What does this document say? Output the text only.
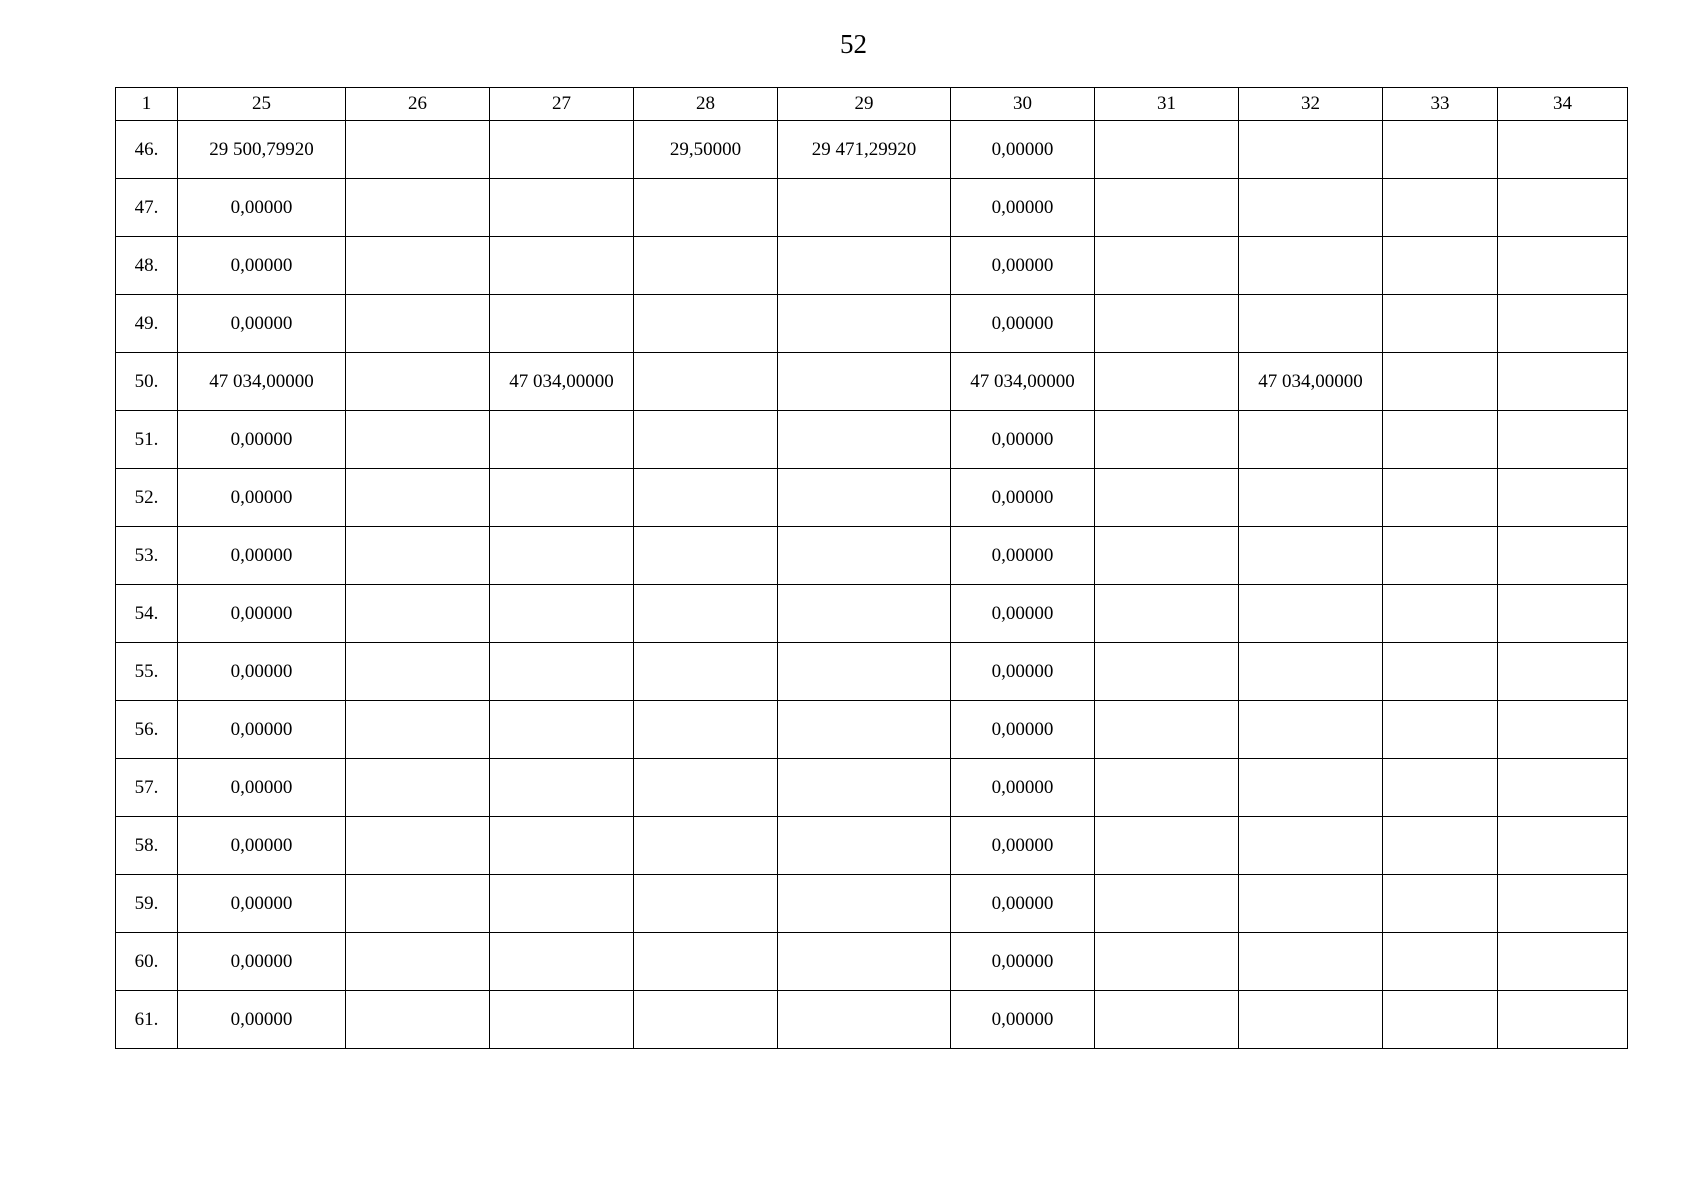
52
1	25	26	27	28	29	30	31	32	33	34
46.	29 500,79920			29,50000	29 471,29920	0,00000				
47.	0,00000					0,00000				
48.	0,00000					0,00000				
49.	0,00000					0,00000				
50.	47 034,00000		47 034,00000			47 034,00000		47 034,00000		
51.	0,00000					0,00000				
52.	0,00000					0,00000				
53.	0,00000					0,00000				
54.	0,00000					0,00000				
55.	0,00000					0,00000				
56.	0,00000					0,00000				
57.	0,00000					0,00000				
58.	0,00000					0,00000				
59.	0,00000					0,00000				
60.	0,00000					0,00000				
61.	0,00000					0,00000				
